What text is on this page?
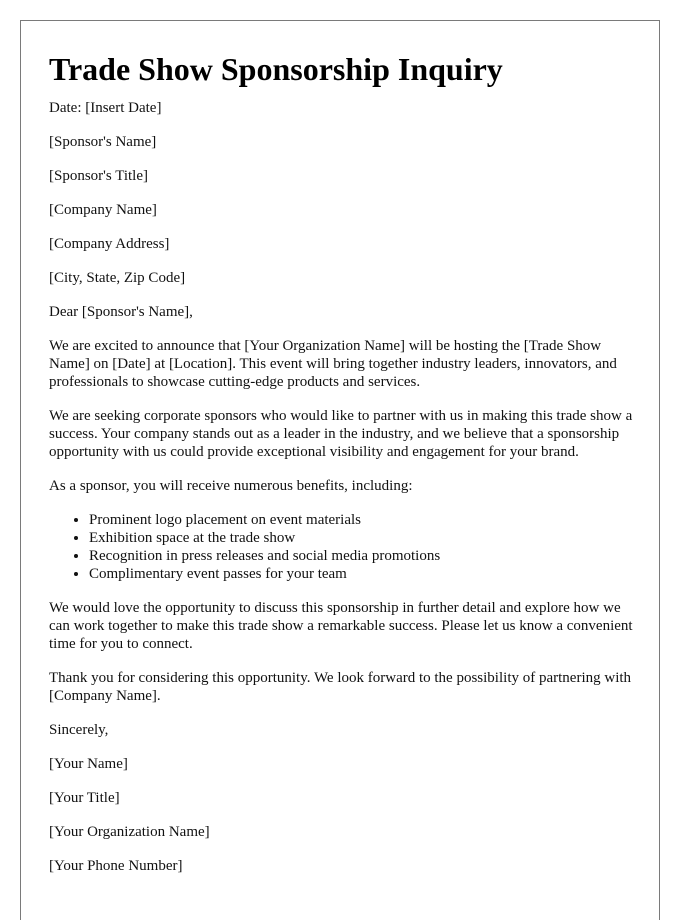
Trade Show Sponsorship Inquiry

Date: [Insert Date]

[Sponsor's Name]

[Sponsor's Title]

[Company Name]

[Company Address]

[City, State, Zip Code]

Dear [Sponsor's Name],

We are excited to announce that [Your Organization Name] will be hosting the [Trade Show Name] on [Date] at [Location]. This event will bring together industry leaders, innovators, and professionals to showcase cutting-edge products and services.

We are seeking corporate sponsors who would like to partner with us in making this trade show a success. Your company stands out as a leader in the industry, and we believe that a sponsorship opportunity with us could provide exceptional visibility and engagement for your brand.

As a sponsor, you will receive numerous benefits, including:

• Prominent logo placement on event materials
• Exhibition space at the trade show
• Recognition in press releases and social media promotions
• Complimentary event passes for your team

We would love the opportunity to discuss this sponsorship in further detail and explore how we can work together to make this trade show a remarkable success. Please let us know a convenient time for you to connect.

Thank you for considering this opportunity. We look forward to the possibility of partnering with [Company Name].

Sincerely,

[Your Name]

[Your Title]

[Your Organization Name]

[Your Phone Number]
